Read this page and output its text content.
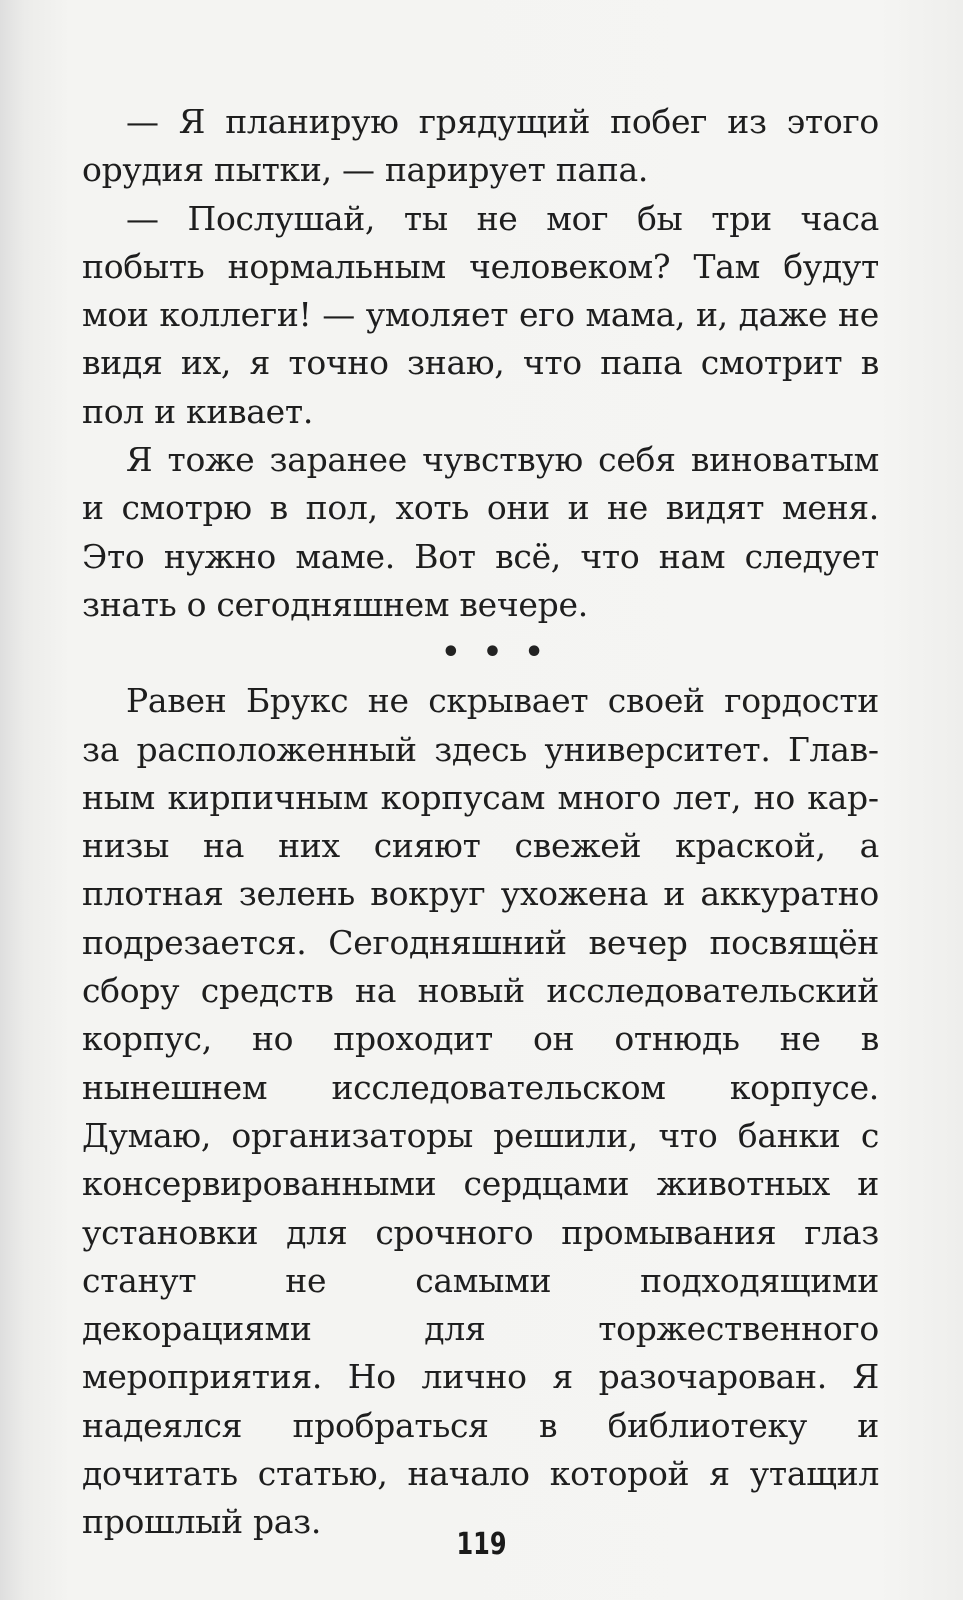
— Я планирую грядущий побег из этого орудия пытки, — парирует папа.

— Послушай, ты не мог бы три часа побыть нормальным человеком? Там будут мои коллеги! — умоляет его мама, и, даже не видя их, я точно знаю, что папа смотрит в пол и кивает.

Я тоже заранее чувствую себя виноватым и смотрю в пол, хоть они и не видят меня. Это нужно маме. Вот всё, что нам следует знать о сегодняшнем вечере.

• • •

Равен Брукс не скрывает своей гордости за расположенный здесь университет. Главным кирпичным корпусам много лет, но карнизы на них сияют свежей краской, а плотная зелень вокруг ухожена и аккуратно подрезается. Сегодняшний вечер посвящён сбору средств на новый исследовательский корпус, но проходит он отнюдь не в нынешнем исследовательском корпусе. Думаю, организаторы решили, что банки с консервированными сердцами животных и установки для срочного промывания глаз станут не самыми подходящими декорациями для торжественного мероприятия. Но лично я разочарован. Я надеялся пробраться в библиотеку и дочитать статью, начало которой я утащил прошлый раз.

119
